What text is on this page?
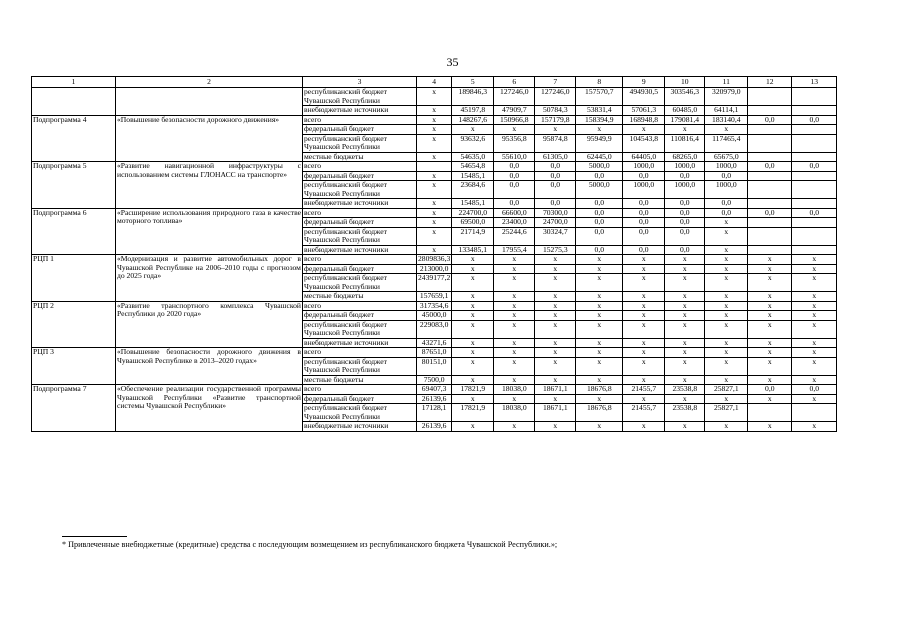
35
1	2	3	4	5	6	7	8	9	10	11	12	13
		республиканский бюджет Чувашской Республики	x	189846,3	127246,0	127246,0	157570,7	494930,5	303546,3	320979,0		
		внебюджетные источники	x	45197,8	47909,7	50784,3	53831,4	57061,3	60485,0	64114,1		
Подпрограмма 4	«Повышение безопасности дорожного движения»	всего	x	148267,6	150966,8	157179,8	158394,9	168948,8	179081,4	183140,4	0,0	0,0
		федеральный бюджет	x	x	x	x	x	x	x	x		
		республиканский бюджет Чувашской Республики	x	93632,6	95356,8	95874,8	95949,9	104543,8	110816,4	117465,4		
		местные бюджеты	x	54635,0	55610,0	61305,0	62445,0	64405,0	68265,0	65675,0		
Подпрограмма 5	«Развитие навигационной инфраструктуры с использованием системы ГЛОНАСС на транспорте»	всего		54654,8	0,0	0,0	5000,0	1000,0	1000,0	1000,0	0,0	0,0
		федеральный бюджет	x	15485,1	0,0	0,0	0,0	0,0	0,0	0,0		
		республиканский бюджет Чувашской Республики	x	23684,6	0,0	0,0	5000,0	1000,0	1000,0	1000,0		
		внебюджетные источники	x	15485,1	0,0	0,0	0,0	0,0	0,0	0,0		
Подпрограмма 6	«Расширение использования природного газа в качестве моторного топлива»	всего	x	224700,0	66600,0	70300,0	0,0	0,0	0,0	0,0	0,0	0,0
		федеральный бюджет	x	69500,0	23400,0	24700,0	0,0	0,0	0,0	x		
		республиканский бюджет Чувашской Республики	x	21714,9	25244,6	30324,7	0,0	0,0	0,0	x		
		внебюджетные источники	x	133485,1	17955,4	15275,3	0,0	0,0	0,0	x		
РЦП 1	«Модернизация и развитие автомобильных дорог в Чувашской Республике на 2006–2010 годы с прогнозом до 2025 года»	всего	2809836,3	x	x	x	x	x	x	x	x	x
		федеральный бюджет	213000,0	x	x	x	x	x	x	x	x	x
		республиканский бюджет Чувашской Республики	2439177,2	x	x	x	x	x	x	x	x	x
		местные бюджеты	157659,1	x	x	x	x	x	x	x	x	x
РЦП 2	«Развитие транспортного комплекса Чувашской Республики до 2020 года»	всего	317354,6	x	x	x	x	x	x	x	x	x
		федеральный бюджет	45000,0	x	x	x	x	x	x	x	x	x
		республиканский бюджет Чувашской Республики	229083,0	x	x	x	x	x	x	x	x	x
		внебюджетные источники	43271,6	x	x	x	x	x	x	x	x	x
РЦП 3	«Повышение безопасности дорожного движения в Чувашской Республике в 2013–2020 годах»	всего	87651,0	x	x	x	x	x	x	x	x	x
		республиканский бюджет Чувашской Республики	80151,0	x	x	x	x	x	x	x	x	x
		местные бюджеты	7500,0	x	x	x	x	x	x	x	x	x
Подпрограмма 7	«Обеспечение реализации государственной программы Чувашской Республики «Развитие транспортной системы Чувашской Республики»	всего	69407,3	17821,9	18038,0	18671,1	18676,8	21455,7	23538,8	25827,1	0,0	0,0
		федеральный бюджет	26139,6	x	x	x	x	x	x	x	x	x
		республиканский бюджет Чувашской Республики	17128,1	17821,9	18038,0	18671,1	18676,8	21455,7	23538,8	25827,1		
		внебюджетные источники	26139,6	x	x	x	x	x	x	x	x	x
* Привлеченные внебюджетные (кредитные) средства с последующим возмещением из республиканского бюджета Чувашской Республики.»;
